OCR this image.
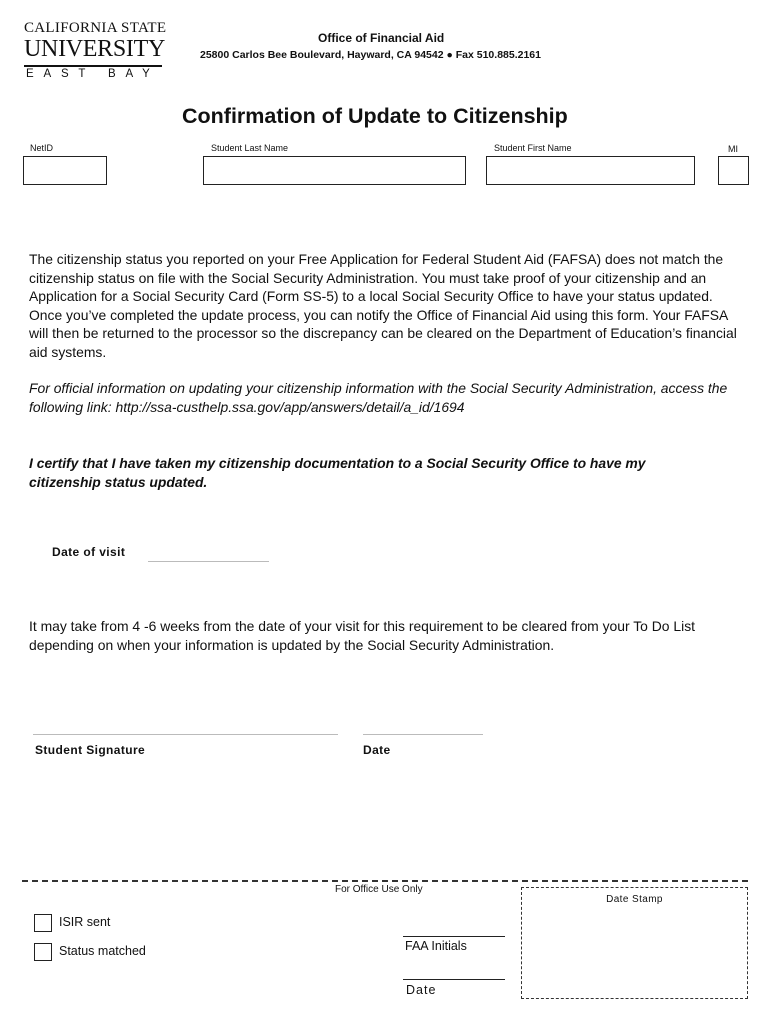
CALIFORNIA STATE
UNIVERSITY
EAST BAY
Office of Financial Aid
25800 Carlos Bee Boulevard, Hayward, CA 94542 ● Fax 510.885.2161
Confirmation of Update to Citizenship
NetID	Student Last Name	Student First Name	MI
The citizenship status you reported on your Free Application for Federal Student Aid (FAFSA) does not match the citizenship status on file with the Social Security Administration. You must take proof of your citizenship and an Application for a Social Security Card (Form SS-5) to a local Social Security Office to have your status updated. Once you’ve completed the update process, you can notify the Office of Financial Aid using this form. Your FAFSA will then be returned to the processor so the discrepancy can be cleared on the Department of Education’s financial aid systems.
For official information on updating your citizenship information with the Social Security Administration, access the following link: http://ssa-custhelp.ssa.gov/app/answers/detail/a_id/1694
I certify that I have taken my citizenship documentation to a Social Security Office to have my citizenship status updated.
Date of visit
It may take from 4 -6 weeks from the date of your visit for this requirement to be cleared from your To Do List depending on when your information is updated by the Social Security Administration.
Student Signature	Date
For Office Use Only
ISIR sent
Status matched	FAA Initials
Date
Date Stamp
